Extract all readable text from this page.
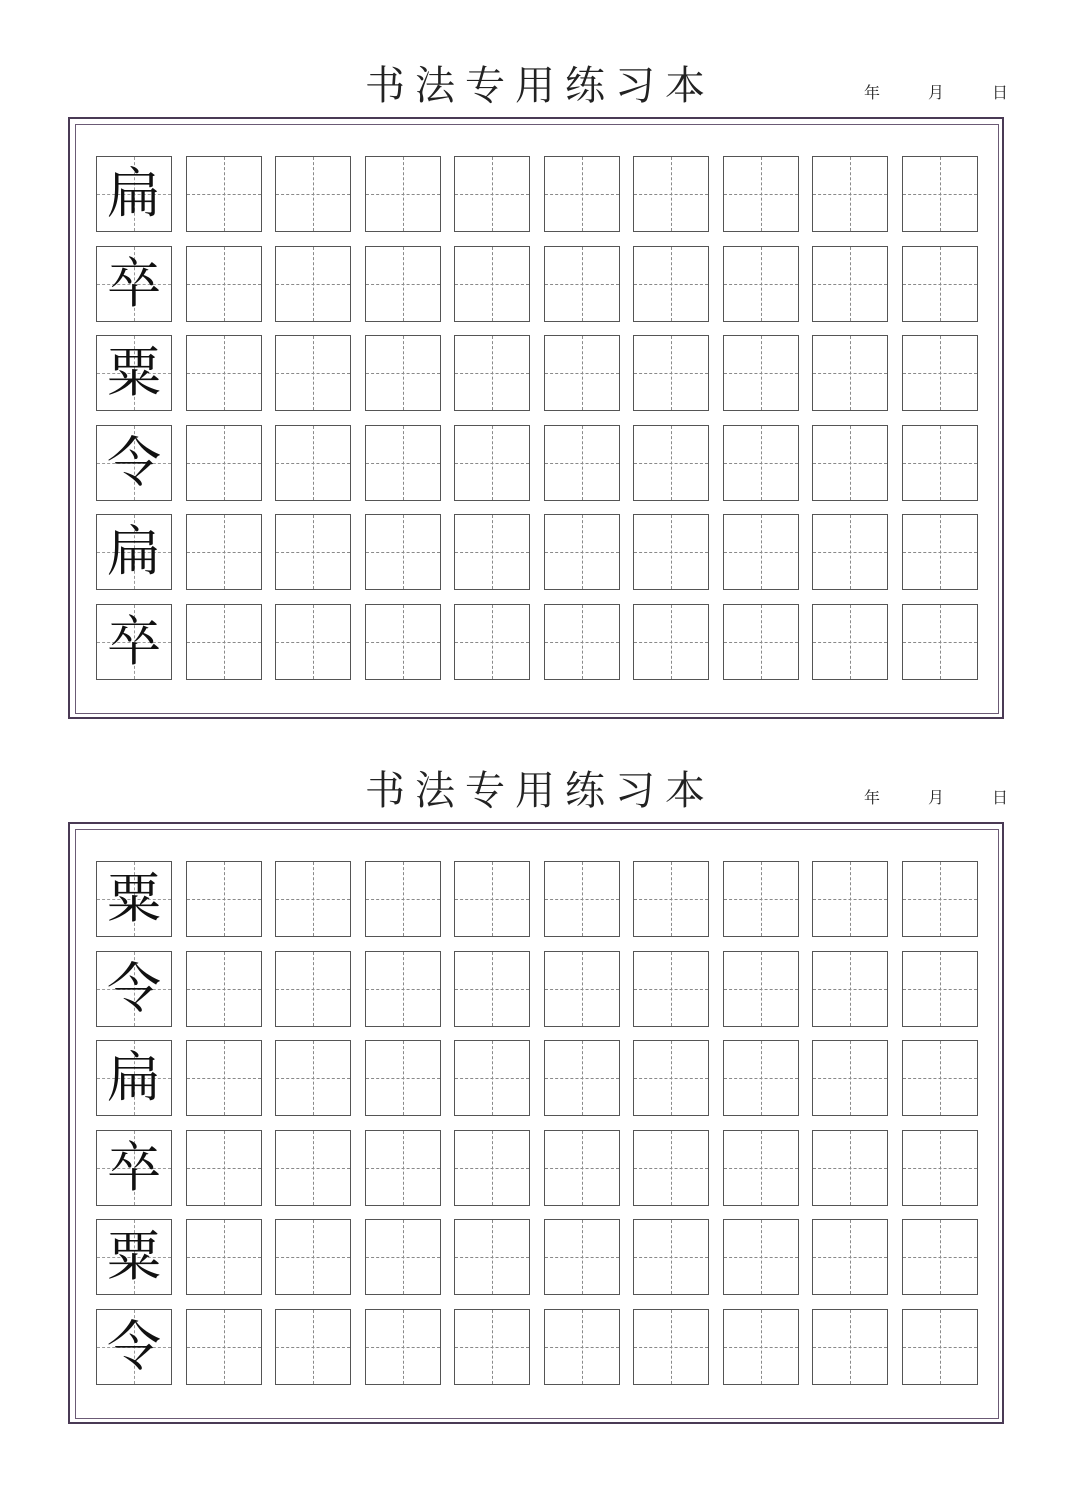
书法专用练习本	年	月	日
扁
卒
粟
令
扁
卒
书法专用练习本	年	月	日
粟
令
扁
卒
粟
令
